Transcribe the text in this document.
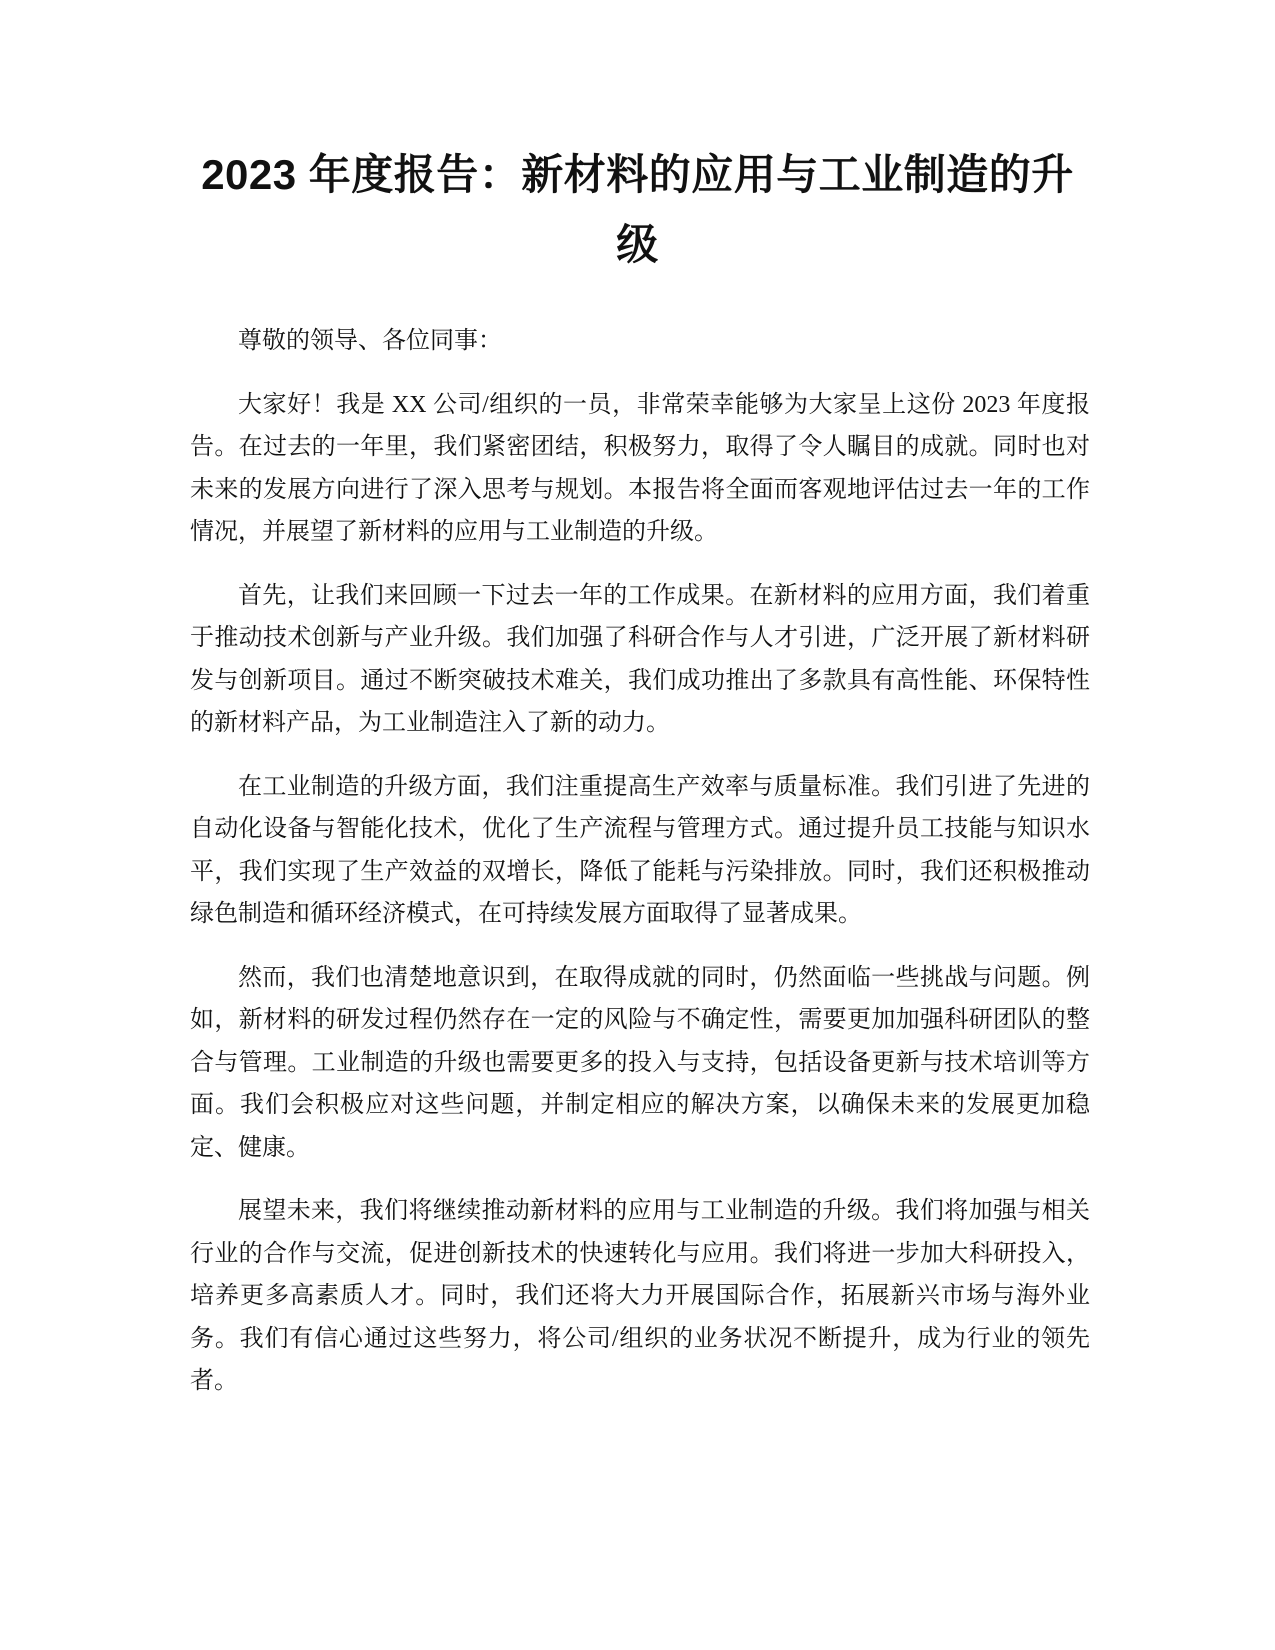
2023 年度报告：新材料的应用与工业制造的升级

尊敬的领导、各位同事：

大家好！我是 XX 公司/组织的一员，非常荣幸能够为大家呈上这份 2023 年度报告。在过去的一年里，我们紧密团结，积极努力，取得了令人瞩目的成就。同时也对未来的发展方向进行了深入思考与规划。本报告将全面而客观地评估过去一年的工作情况，并展望了新材料的应用与工业制造的升级。

首先，让我们来回顾一下过去一年的工作成果。在新材料的应用方面，我们着重于推动技术创新与产业升级。我们加强了科研合作与人才引进，广泛开展了新材料研发与创新项目。通过不断突破技术难关，我们成功推出了多款具有高性能、环保特性的新材料产品，为工业制造注入了新的动力。

在工业制造的升级方面，我们注重提高生产效率与质量标准。我们引进了先进的自动化设备与智能化技术，优化了生产流程与管理方式。通过提升员工技能与知识水平，我们实现了生产效益的双增长，降低了能耗与污染排放。同时，我们还积极推动绿色制造和循环经济模式，在可持续发展方面取得了显著成果。

然而，我们也清楚地意识到，在取得成就的同时，仍然面临一些挑战与问题。例如，新材料的研发过程仍然存在一定的风险与不确定性，需要更加加强科研团队的整合与管理。工业制造的升级也需要更多的投入与支持，包括设备更新与技术培训等方面。我们会积极应对这些问题，并制定相应的解决方案，以确保未来的发展更加稳定、健康。

展望未来，我们将继续推动新材料的应用与工业制造的升级。我们将加强与相关行业的合作与交流，促进创新技术的快速转化与应用。我们将进一步加大科研投入，培养更多高素质人才。同时，我们还将大力开展国际合作，拓展新兴市场与海外业务。我们有信心通过这些努力，将公司/组织的业务状况不断提升，成为行业的领先者。
